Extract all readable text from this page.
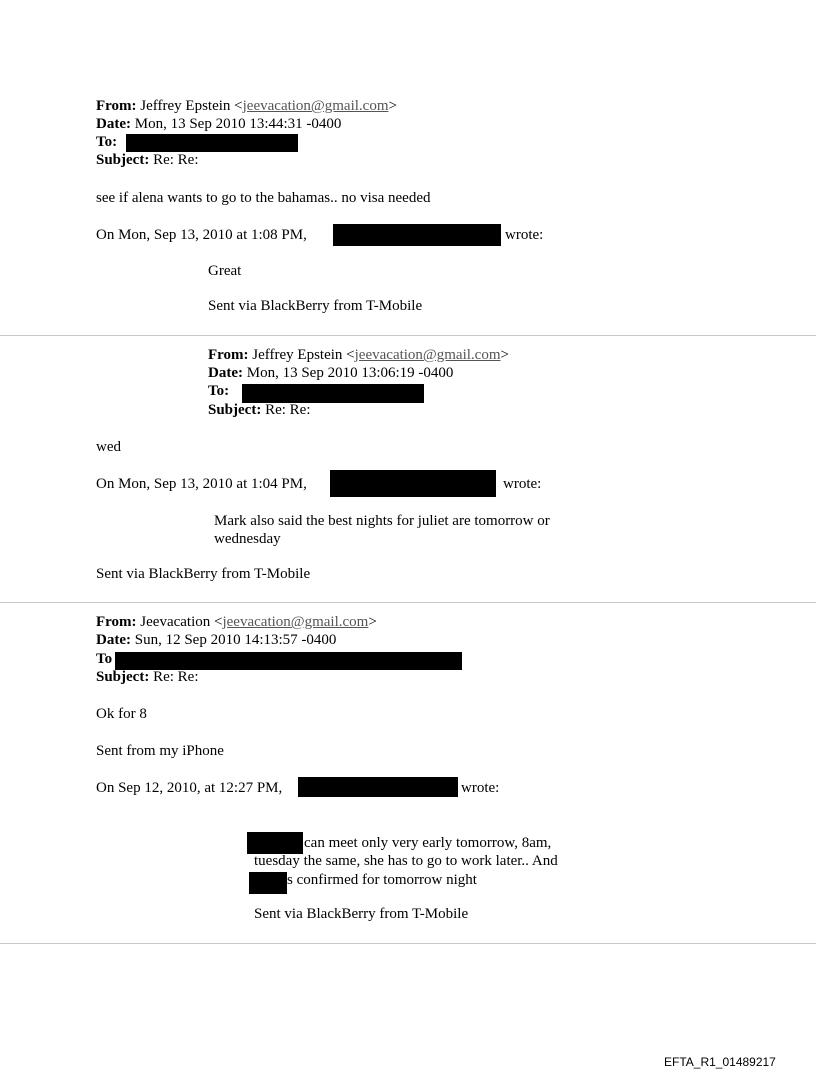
From: Jeffrey Epstein <jeevacation@gmail.com>
Date: Mon, 13 Sep 2010 13:44:31 -0400
To:
Subject: Re: Re:
see if alena wants to go to the bahamas.. no visa needed
On Mon, Sep 13, 2010 at 1:08 PM,	wrote:
Great
Sent via BlackBerry from T-Mobile
From: Jeffrey Epstein <jeevacation@gmail.com>
Date: Mon, 13 Sep 2010 13:06:19 -0400
To:
Subject: Re: Re:
wed
On Mon, Sep 13, 2010 at 1:04 PM,	wrote:
Mark also said the best nights for juliet are tomorrow or
wednesday
Sent via BlackBerry from T-Mobile
From: Jeevacation <jeevacation@gmail.com>
Date: Sun, 12 Sep 2010 14:13:57 -0400
To
Subject: Re: Re:
Ok for 8
Sent from my iPhone
On Sep 12, 2010, at 12:27 PM,	wrote:
can meet only very early tomorrow, 8am,
tuesday the same, she has to go to work later.. And
s confirmed for tomorrow night
Sent via BlackBerry from T-Mobile
EFTA_R1_01489217
